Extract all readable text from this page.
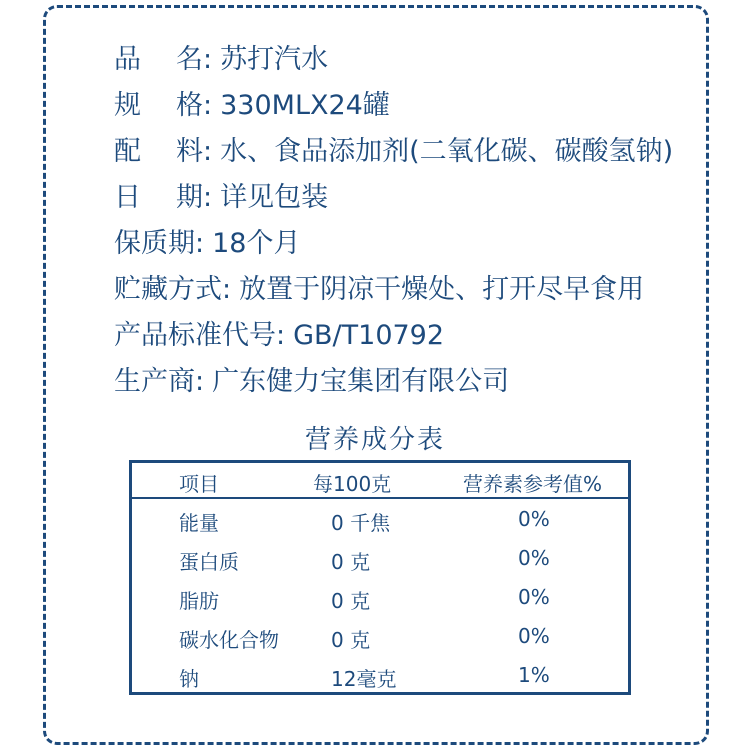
品　名: 苏打汽水
规　格: 330MLX24罐
配　料: 水、食品添加剂(二氧化碳、碳酸氢钠)
日　期: 详见包装
保质期: 18个月
贮藏方式: 放置于阴凉干燥处、打开尽早食用
产品标准代号: GB/T10792
生产商: 广东健力宝集团有限公司
营养成分表
项目	每100克	营养素参考值%
能量	0 千焦	0%
蛋白质	0 克	0%
脂肪	0 克	0%
碳水化合物	0 克	0%
钠	12毫克	1%
